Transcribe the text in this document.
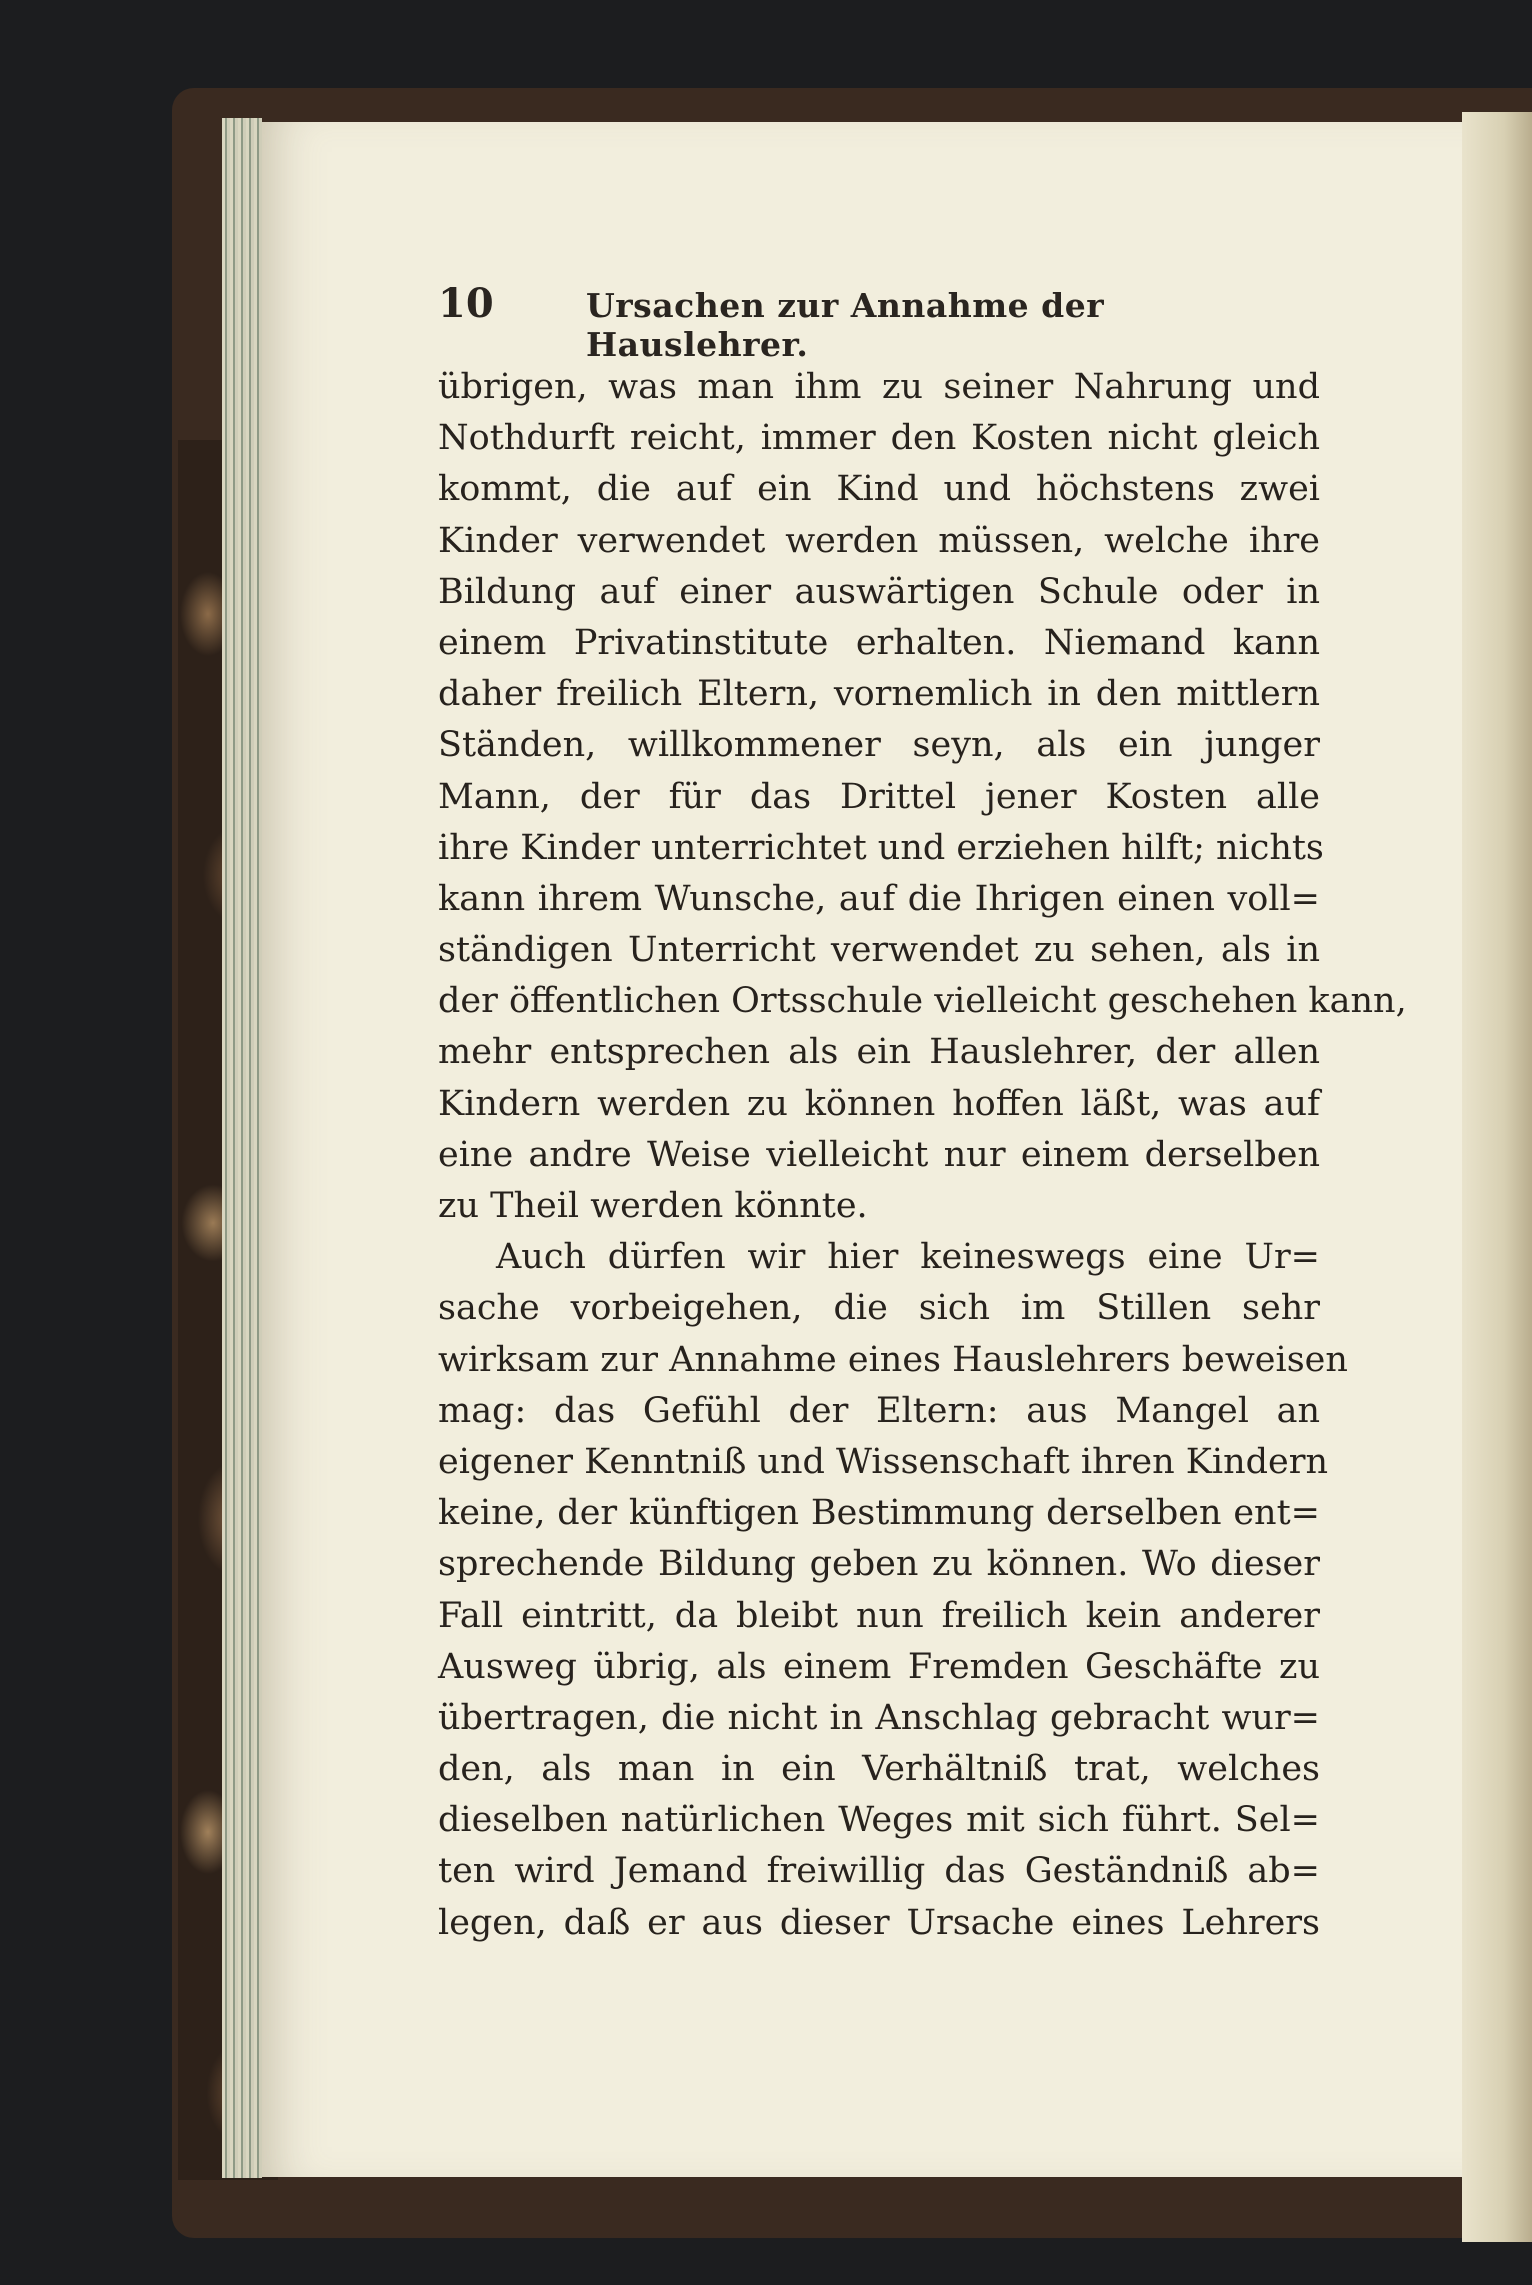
10	Ursachen zur Annahme der Hauslehrer.
übrigen, was man ihm zu seiner Nahrung und
Nothdurft reicht, immer den Kosten nicht gleich
kommt, die auf ein Kind und höchstens zwei
Kinder verwendet werden müssen, welche ihre
Bildung auf einer auswärtigen Schule oder in
einem Privatinstitute erhalten. Niemand kann
daher freilich Eltern, vornemlich in den mittlern
Ständen, willkommener seyn, als ein junger
Mann, der für das Drittel jener Kosten alle
ihre Kinder unterrichtet und erziehen hilft; nichts
kann ihrem Wunsche, auf die Ihrigen einen voll=
ständigen Unterricht verwendet zu sehen, als in
der öffentlichen Ortsschule vielleicht geschehen kann,
mehr entsprechen als ein Hauslehrer, der allen
Kindern werden zu können hoffen läßt, was auf
eine andre Weise vielleicht nur einem derselben
zu Theil werden könnte.
Auch dürfen wir hier keineswegs eine Ur=
sache vorbeigehen, die sich im Stillen sehr
wirksam zur Annahme eines Hauslehrers beweisen
mag: das Gefühl der Eltern: aus Mangel an
eigener Kenntniß und Wissenschaft ihren Kindern
keine, der künftigen Bestimmung derselben ent=
sprechende Bildung geben zu können. Wo dieser
Fall eintritt, da bleibt nun freilich kein anderer
Ausweg übrig, als einem Fremden Geschäfte zu
übertragen, die nicht in Anschlag gebracht wur=
den, als man in ein Verhältniß trat, welches
dieselben natürlichen Weges mit sich führt. Sel=
ten wird Jemand freiwillig das Geständniß ab=
legen, daß er aus dieser Ursache eines Lehrers
